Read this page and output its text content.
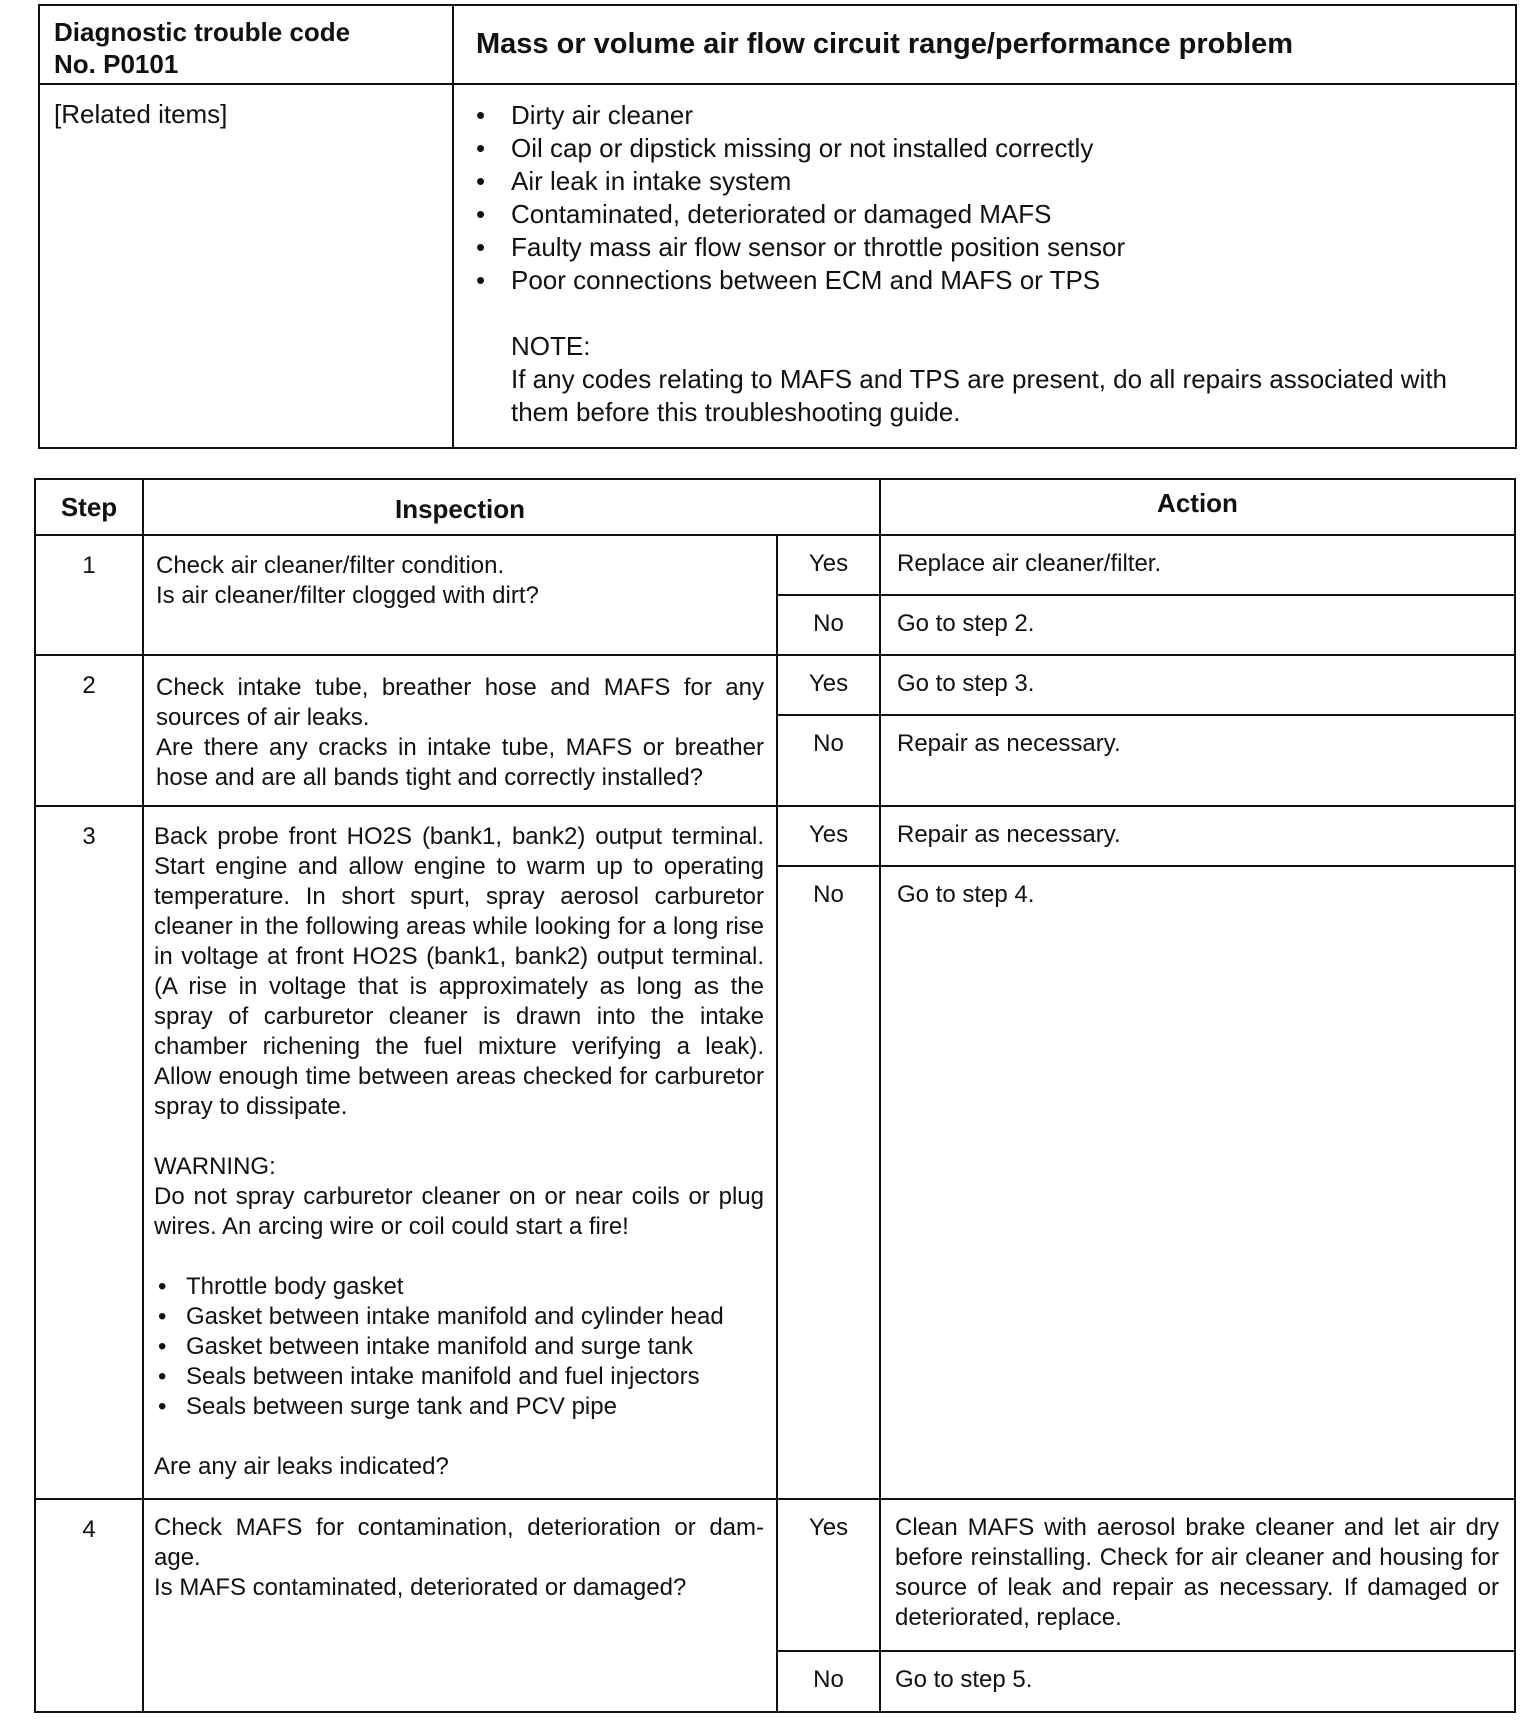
Diagnostic trouble code
No. P0101
Mass or volume air flow circuit range/performance problem
[Related items]
•	Dirty air cleaner
• Oil cap or dipstick missing or not installed correctly
• Air leak in intake system
• Contaminated, deteriorated or damaged MAFS
• Faulty mass air flow sensor or throttle position sensor
• Poor connections between ECM and MAFS or TPS
NOTE:
If any codes relating to MAFS and TPS are present, do all repairs associated with them before this troubleshooting guide.
Step	Inspection	Action
1	Check air cleaner/filter condition.
Is air cleaner/filter clogged with dirt?
Yes	Replace air cleaner/filter.
No	Go to step 2.
2	Check intake tube, breather hose and MAFS for any sources of air leaks.
Are there any cracks in intake tube, MAFS or breather hose and are all bands tight and correctly installed?
Yes	Go to step 3.
No	Repair as necessary.
3	Back probe front HO2S (bank1, bank2) output terminal. Start engine and allow engine to warm up to operating temperature. In short spurt, spray aerosol carburetor cleaner in the following areas while looking for a long rise in voltage at front HO2S (bank1, bank2) output terminal. (A rise in voltage that is approximately as long as the spray of carburetor cleaner is drawn into the intake chamber richening the fuel mixture verifying a leak). Allow enough time between areas checked for carburetor spray to dissipate.

WARNING:

Do not spray carburetor cleaner on or near coils or plug wires. An arcing wire or coil could start a fire!

• Throttle body gasket
• Gasket between intake manifold and cylinder head
• Gasket between intake manifold and surge tank
• Seals between intake manifold and fuel injectors
• Seals between surge tank and PCV pipe

Are any air leaks indicated?

Yes	Repair as necessary.
No	Go to step 4.
4	Check MAFS for contamination, deterioration or dam-age.
Is MAFS contaminated, deteriorated or damaged?
Yes	Clean MAFS with aerosol brake cleaner and let air dry before reinstalling. Check for air cleaner and housing for source of leak and repair as necessary. If damaged or deteriorated, replace.
No	Go to step 5.
